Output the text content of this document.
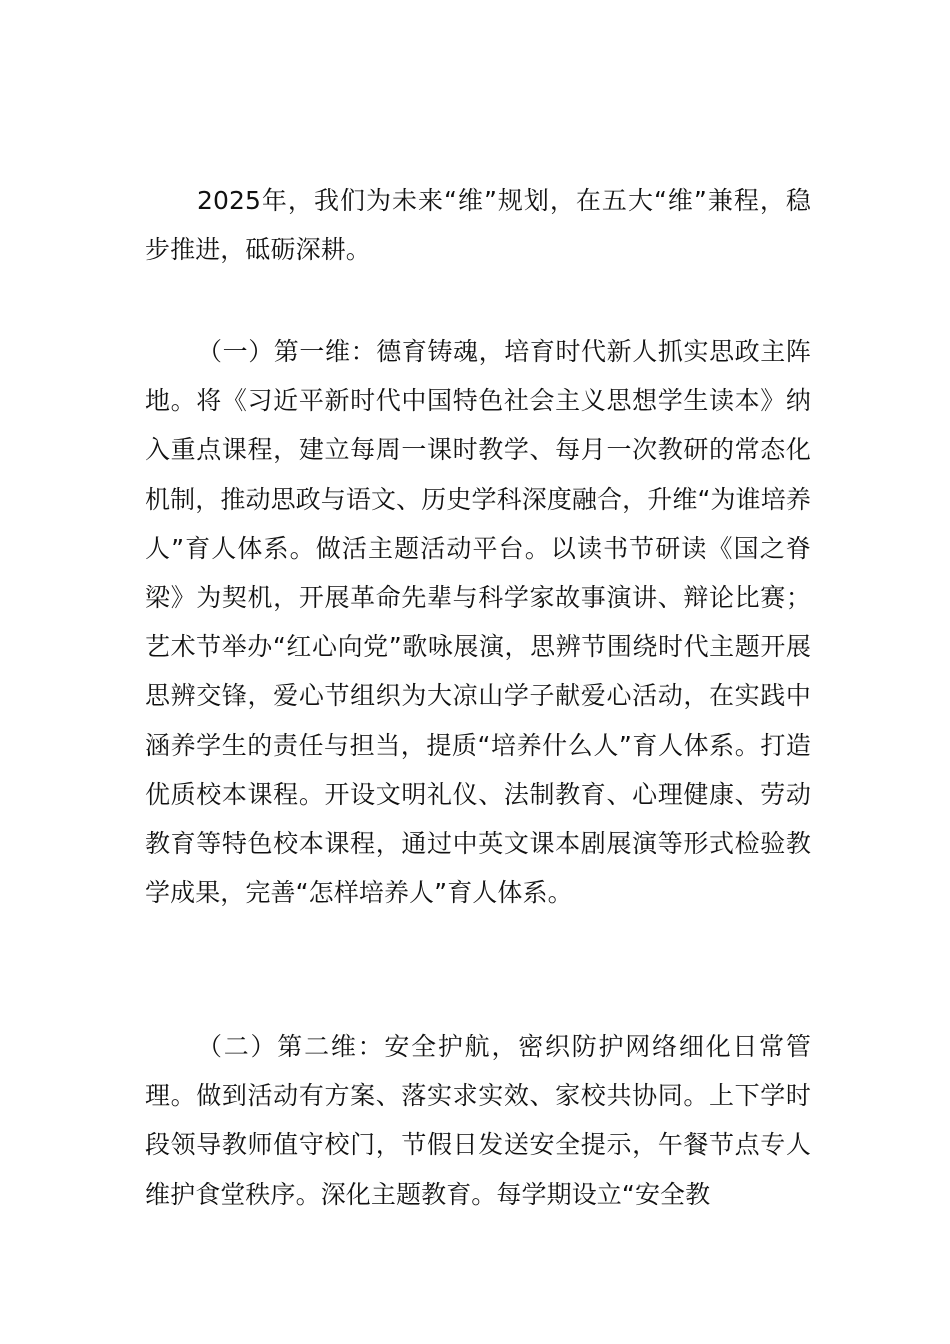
2025年，我们为未来“维”规划，在五大“维”兼程，稳步推进，砥砺深耕。

（一）第一维：德育铸魂，培育时代新人抓实思政主阵地。将《习近平新时代中国特色社会主义思想学生读本》纳入重点课程，建立每周一课时教学、每月一次教研的常态化机制，推动思政与语文、历史学科深度融合，升维“为谁培养人”育人体系。做活主题活动平台。以读书节研读《国之脊梁》为契机，开展革命先辈与科学家故事演讲、辩论比赛；艺术节举办“红心向党”歌咏展演，思辨节围绕时代主题开展思辨交锋，爱心节组织为大凉山学子献爱心活动，在实践中涵养学生的责任与担当，提质“培养什么人”育人体系。打造优质校本课程。开设文明礼仪、法制教育、心理健康、劳动教育等特色校本课程，通过中英文课本剧展演等形式检验教学成果，完善“怎样培养人”育人体系。

（二）第二维：安全护航，密织防护网络细化日常管理。做到活动有方案、落实求实效、家校共协同。上下学时段领导教师值守校门，节假日发送安全提示，午餐节点专人维护食堂秩序。深化主题教育。每学期设立“安全教
